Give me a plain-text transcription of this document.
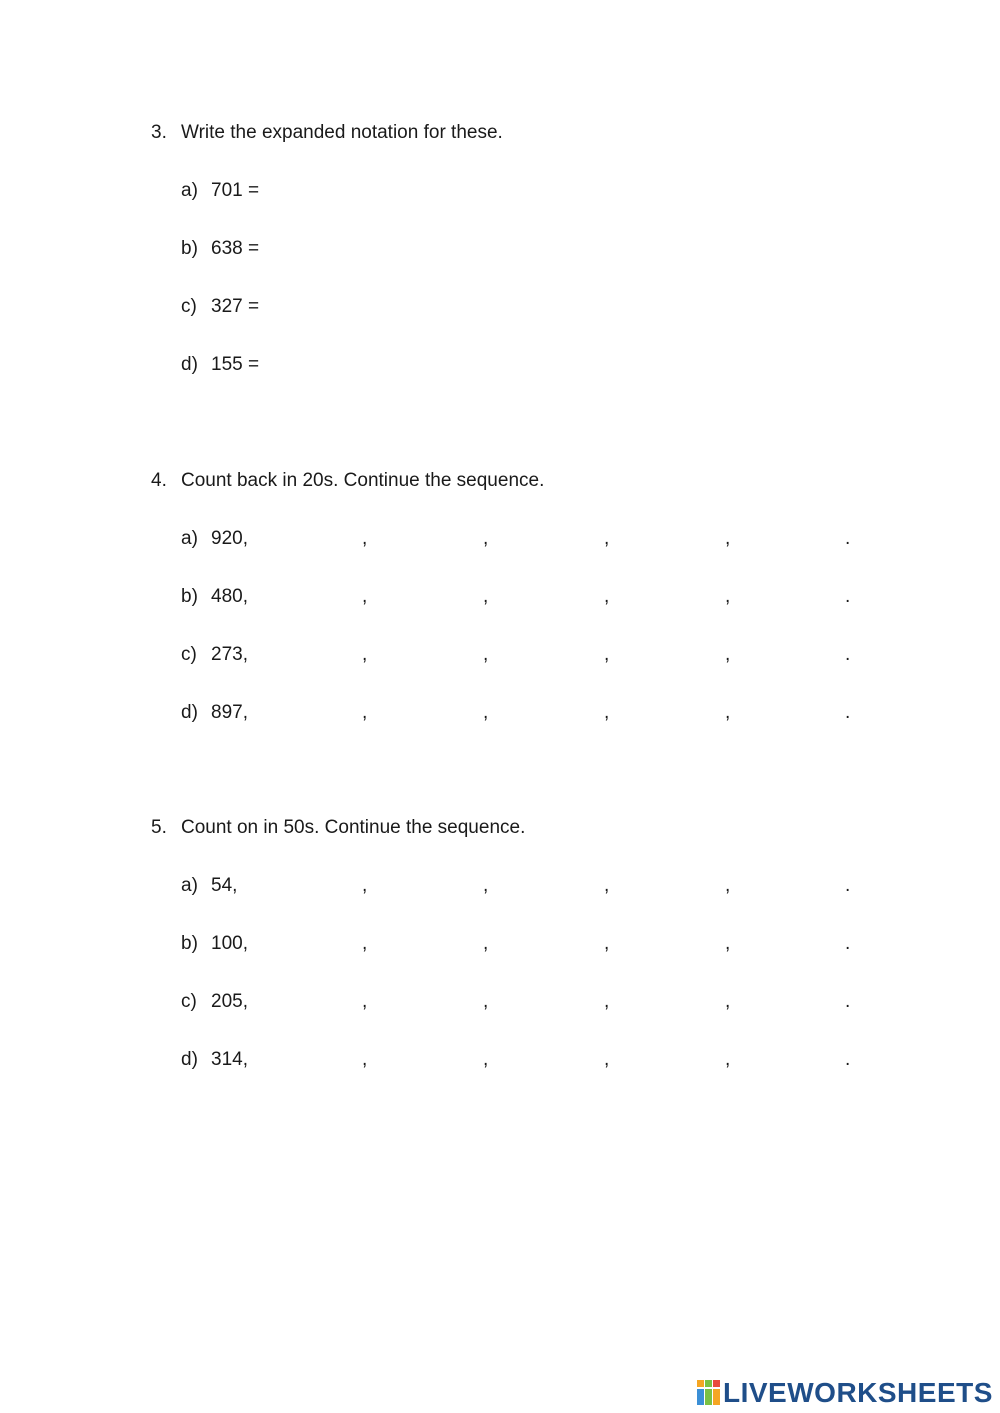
3. Write the expanded notation for these.
a) 701 =
b) 638 =
c) 327 =
d) 155 =
4. Count back in 20s. Continue the sequence.
a) 920,	,	,	,	,	.
b) 480,	,	,	,	,	.
c) 273,	,	,	,	,	.
d) 897,	,	,	,	,	.
5. Count on in 50s. Continue the sequence.
a) 54,	,	,	,	,	.
b) 100,	,	,	,	,	.
c) 205,	,	,	,	,	.
d) 314,	,	,	,	,	.
LIVEWORKSHEETS
